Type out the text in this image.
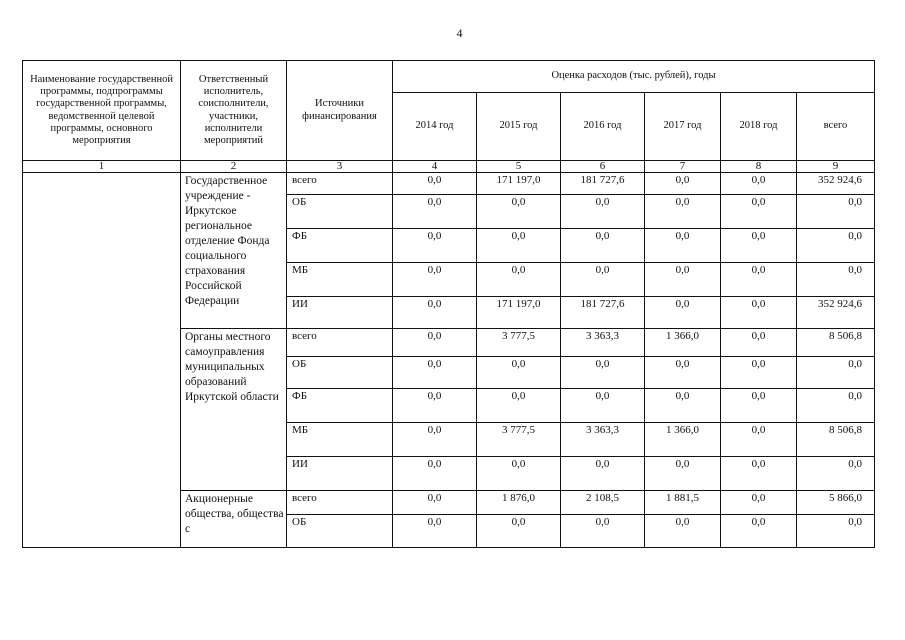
4
Наименование государственной программы, подпрограммы государственной программы, ведомственной целевой программы, основного мероприятия	Ответственный исполнитель, соисполнители, участники, исполнители мероприятий	Источники финансирования	Оценка расходов (тыс. рублей), годы					
			2014 год	2015 год	2016 год	2017 год	2018 год	всего
1	2	3	4	5	6	7	8	9

	Государственное учреждение - Иркутское региональное отделение Фонда социального страхования Российской Федерации	всего	0,0	171 197,0	181 727,6	0,0	0,0	352 924,6
		ОБ	0,0	0,0	0,0	0,0	0,0	0,0
		ФБ	0,0	0,0	0,0	0,0	0,0	0,0
		МБ	0,0	0,0	0,0	0,0	0,0	0,0
		ИИ	0,0	171 197,0	181 727,6	0,0	0,0	352 924,6

	Органы местного самоуправления муниципальных образований Иркутской области	всего	0,0	3 777,5	3 363,3	1 366,0	0,0	8 506,8
		ОБ	0,0	0,0	0,0	0,0	0,0	0,0
		ФБ	0,0	0,0	0,0	0,0	0,0	0,0
		МБ	0,0	3 777,5	3 363,3	1 366,0	0,0	8 506,8
		ИИ	0,0	0,0	0,0	0,0	0,0	0,0

	Акционерные общества, общества с	всего	0,0	1 876,0	2 108,5	1 881,5	0,0	5 866,0
		ОБ	0,0	0,0	0,0	0,0	0,0	0,0
